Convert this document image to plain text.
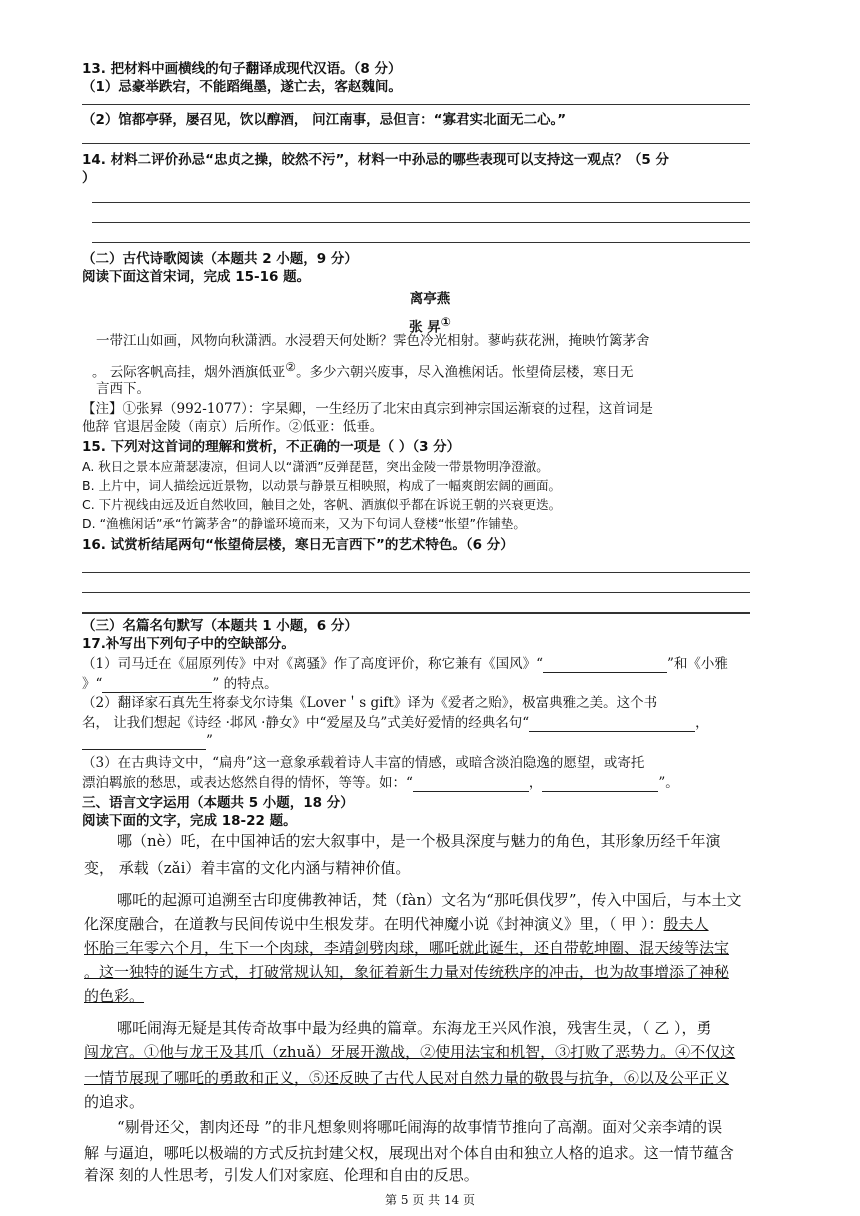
13. 把材料中画横线的句子翻译成现代汉语。（8 分）
（1）忌豪举跌宕，不能蹈绳墨，遂亡去，客赵魏间。
（2）馆都亭驿，屡召见，饮以醇酒， 问江南事，忌但言：“寡君实北面无二心。”
14. 材料二评价孙忌“忠贞之操，皎然不污”，材料一中孙忌的哪些表现可以支持这一观点？（5 分
）
（二）古代诗歌阅读（本题共 2 小题，9 分）
阅读下面这首宋词，完成 15-16 题。
离亭燕
张 昇①
一带江山如画，风物向秋潇洒。水浸碧天何处断？霁色冷光相射。蓼屿荻花洲，掩映竹篱茅舍
。 云际客帆高挂，烟外酒旗低亚②。多少六朝兴废事，尽入渔樵闲话。怅望倚层楼，寒日无
言西下。
【注】①张昪（992-1077）：字杲卿，一生经历了北宋由真宗到神宗国运渐衰的过程，这首词是
他辞 官退居金陵（南京）后所作。②低亚：低垂。
15. 下列对这首词的理解和赏析，不正确的一项是（ ）（3 分）
A. 秋日之景本应萧瑟凄凉，但词人以“潇洒”反弹琵琶，突出金陵一带景物明净澄澈。
B. 上片中，词人描绘远近景物，以动景与静景互相映照，构成了一幅爽朗宏阔的画面。
C. 下片视线由远及近自然收回，触目之处，客帆、酒旗似乎都在诉说王朝的兴衰更迭。
D. “渔樵闲话”承“竹篱茅舍”的静谧环境而来，又为下句词人登楼“怅望”作铺垫。
16. 试赏析结尾两句“怅望倚层楼，寒日无言西下”的艺术特色。（6 分）
（三）名篇名句默写（本题共 1 小题，6 分）
17.补写出下列句子中的空缺部分。
（1）司马迁在《屈原列传》中对《离骚》作了高度评价，称它兼有《国风》“	”和《小雅
》“	” 的特点。
（2）翻译家石真先生将泰戈尔诗集《Lover＇s gift》译为《爱者之贻》，极富典雅之美。这个书
名， 让我们想起《诗经 ·邶风 ·静女》中“爱屋及乌”式美好爱情的经典名句“	，
”
（3）在古典诗文中，“扁舟”这一意象承载着诗人丰富的情感，或暗含淡泊隐逸的愿望，或寄托
漂泊羁旅的愁思，或表达悠然自得的情怀，等等。如：“	，	”。
三、语言文字运用（本题共 5 小题，18 分）
阅读下面的文字，完成 18-22 题。
哪（nè）吒，在中国神话的宏大叙事中，是一个极具深度与魅力的角色，其形象历经千年演
变， 承载（zǎi）着丰富的文化内涵与精神价值。
哪吒的起源可追溯至古印度佛教神话，梵（fàn）文名为“那吒俱伐罗”，传入中国后，与本土文
化深度融合，在道教与民间传说中生根发芽。在明代神魔小说《封神演义》里，（ 甲 ）：殷夫人
怀胎三年零六个月，生下一个肉球，李靖剑劈肉球，哪吒就此诞生，还自带乾坤圈、混天绫等法宝
。这一独特的诞生方式，打破常规认知，象征着新生力量对传统秩序的冲击，也为故事增添了神秘
的色彩。
哪吒闹海无疑是其传奇故事中最为经典的篇章。东海龙王兴风作浪，残害生灵，（ 乙 ），勇
闯龙宫。①他与龙王及其爪（zhuǎ）牙展开激战，②使用法宝和机智，③打败了恶势力。④不仅这
一情节展现了哪吒的勇敢和正义，⑤还反映了古代人民对自然力量的敬畏与抗争，⑥以及公平正义
的追求。
“剔骨还父，割肉还母 ”的非凡想象则将哪吒闹海的故事情节推向了高潮。面对父亲李靖的误
解 与逼迫，哪吒以极端的方式反抗封建父权，展现出对个体自由和独立人格的追求。这一情节蕴含
着深 刻的人性思考，引发人们对家庭、伦理和自由的反思。
第 5 页 共 14 页
